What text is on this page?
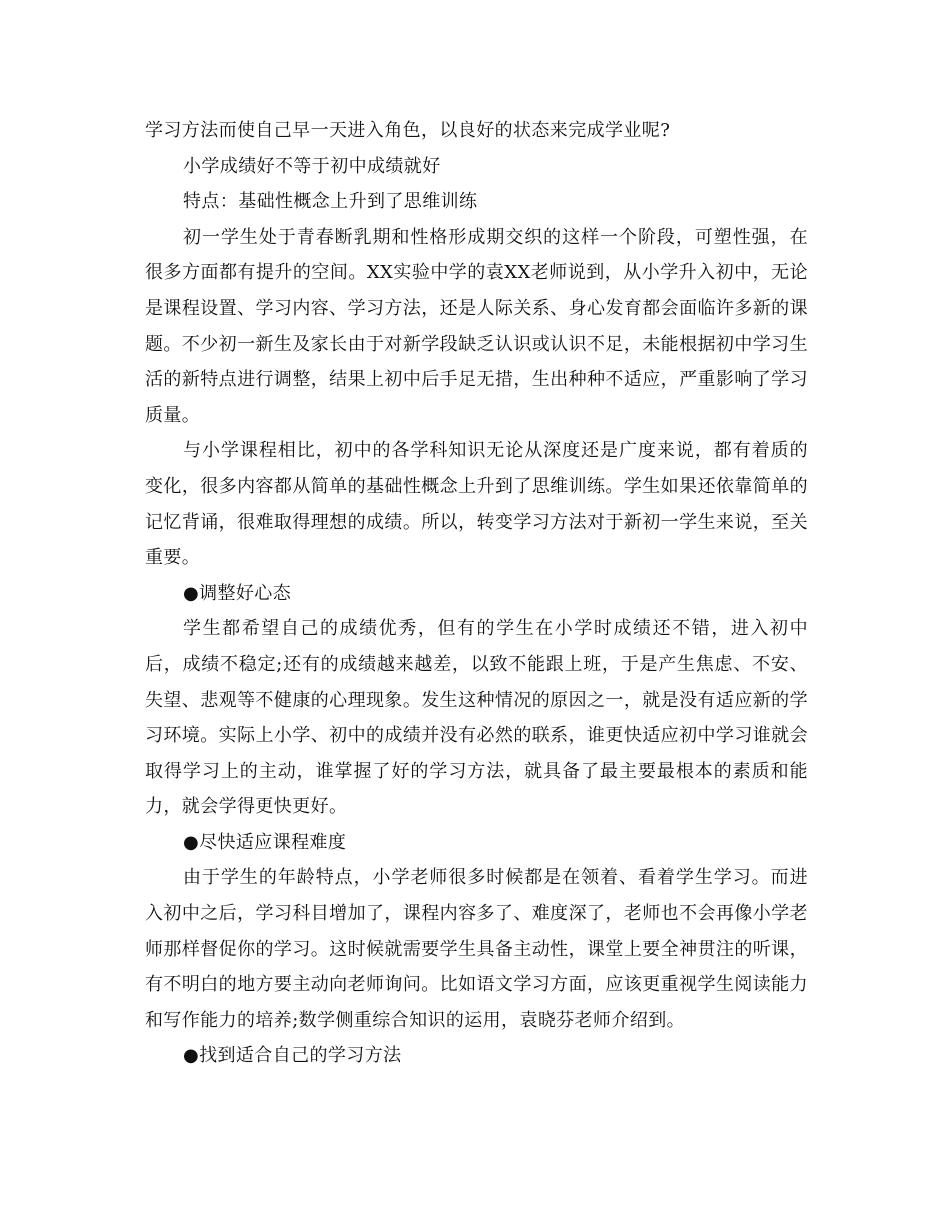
学习方法而使自己早一天进入角色，以良好的状态来完成学业呢?

小学成绩好不等于初中成绩就好

特点：基础性概念上升到了思维训练

初一学生处于青春断乳期和性格形成期交织的这样一个阶段，可塑性强，在很多方面都有提升的空间。XX实验中学的袁XX老师说到，从小学升入初中，无论是课程设置、学习内容、学习方法，还是人际关系、身心发育都会面临许多新的课题。不少初一新生及家长由于对新学段缺乏认识或认识不足，未能根据初中学习生活的新特点进行调整，结果上初中后手足无措，生出种种不适应，严重影响了学习质量。

与小学课程相比，初中的各学科知识无论从深度还是广度来说，都有着质的变化，很多内容都从简单的基础性概念上升到了思维训练。学生如果还依靠简单的记忆背诵，很难取得理想的成绩。所以，转变学习方法对于新初一学生来说，至关重要。

●调整好心态

学生都希望自己的成绩优秀，但有的学生在小学时成绩还不错，进入初中后，成绩不稳定;还有的成绩越来越差，以致不能跟上班，于是产生焦虑、不安、失望、悲观等不健康的心理现象。发生这种情况的原因之一，就是没有适应新的学习环境。实际上小学、初中的成绩并没有必然的联系，谁更快适应初中学习谁就会取得学习上的主动，谁掌握了好的学习方法，就具备了最主要最根本的素质和能力，就会学得更快更好。

●尽快适应课程难度

由于学生的年龄特点，小学老师很多时候都是在领着、看着学生学习。而进入初中之后，学习科目增加了，课程内容多了、难度深了，老师也不会再像小学老师那样督促你的学习。这时候就需要学生具备主动性，课堂上要全神贯注的听课，有不明白的地方要主动向老师询问。比如语文学习方面，应该更重视学生阅读能力和写作能力的培养;数学侧重综合知识的运用，袁晓芬老师介绍到。

●找到适合自己的学习方法
